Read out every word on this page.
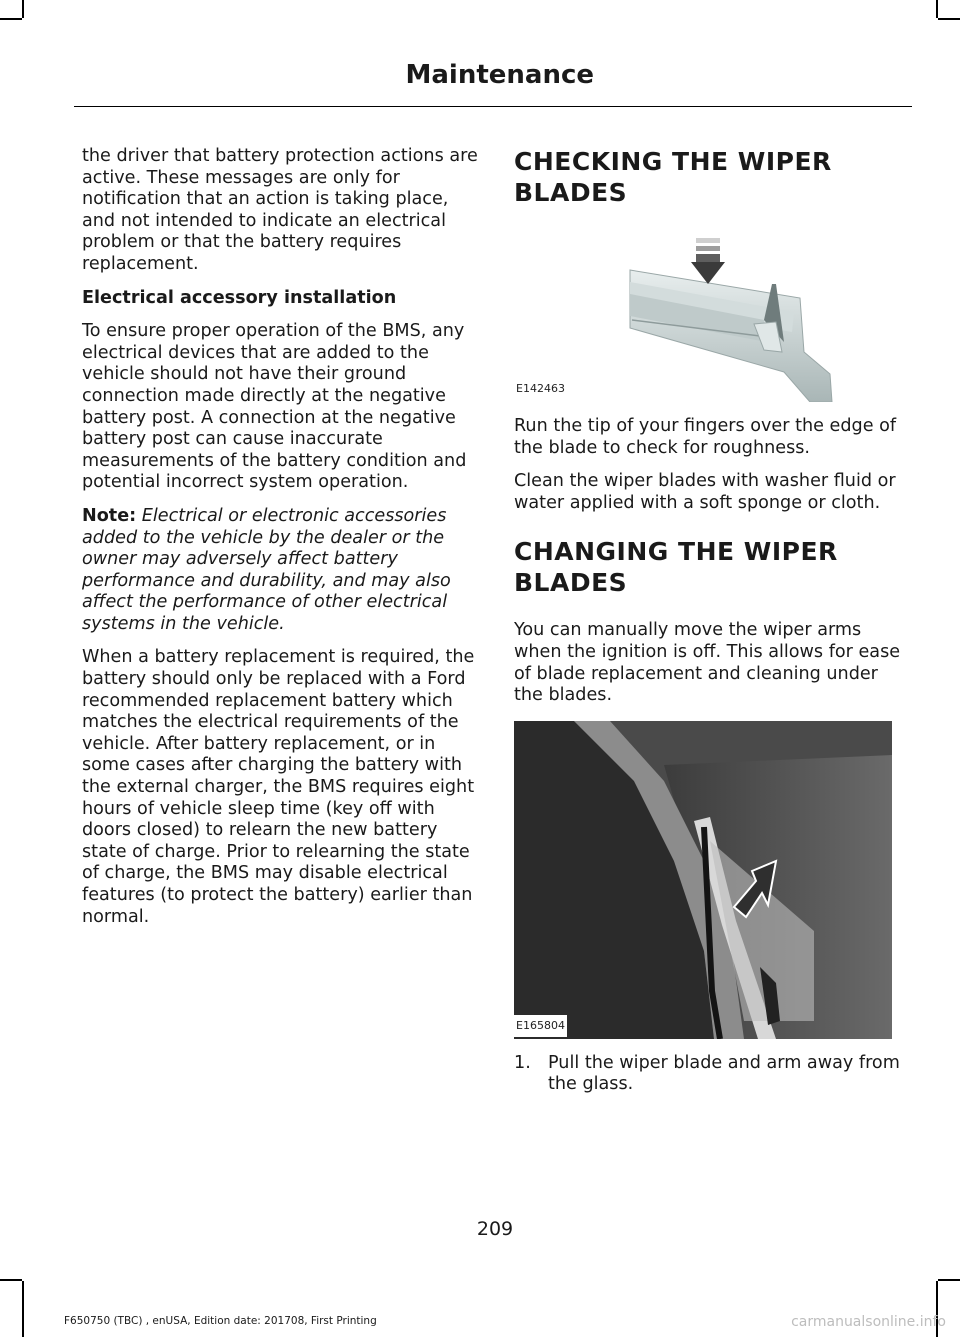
Maintenance

the driver that battery protection actions are active. These messages are only for notification that an action is taking place, and not intended to indicate an electrical problem or that the battery requires replacement.

Electrical accessory installation

To ensure proper operation of the BMS, any electrical devices that are added to the vehicle should not have their ground connection made directly at the negative battery post. A connection at the negative battery post can cause inaccurate measurements of the battery condition and potential incorrect system operation.

Note: Electrical or electronic accessories added to the vehicle by the dealer or the owner may adversely affect battery performance and durability, and may also affect the performance of other electrical systems in the vehicle.

When a battery replacement is required, the battery should only be replaced with a Ford recommended replacement battery which matches the electrical requirements of the vehicle. After battery replacement, or in some cases after charging the battery with the external charger, the BMS requires eight hours of vehicle sleep time (key off with doors closed) to relearn the new battery state of charge. Prior to relearning the state of charge, the BMS may disable electrical features (to protect the battery) earlier than normal.

CHECKING THE WIPER
BLADES
E142463

Run the tip of your fingers over the edge of the blade to check for roughness.

Clean the wiper blades with washer fluid or water applied with a soft sponge or cloth.

CHANGING THE WIPER
BLADES

You can manually move the wiper arms when the ignition is off. This allows for ease of blade replacement and cleaning under the blades.

E165804
1. Pull the wiper blade and arm away from the glass.
209
F650750 (TBC) , enUSA, Edition date: 201708, First Printing	carmanualsonline.info
